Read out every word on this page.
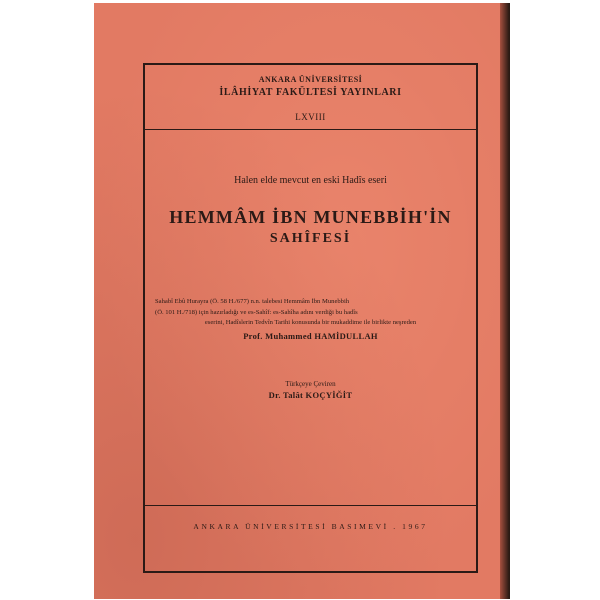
ANKARA ÜNİVERSİTESİ
İLÂHİYAT FAKÜLTESİ YAYINLARI
LXVIII
Halen elde mevcut en eski Hadîs eseri
HEMMÂM İBN MUNEBBİH'İN
SAHÎFESİ
Sahabî Ebû Hurayra (Ö. 58 H./677) n.n. talebesi Hemmâm İbn Munebbih
(Ö. 101 H./718) için hazırladığı ve es-Sahîf: es-Sahîha adını verdiği bu hadîs
eserini, Hadîslerin Tedvîn Tarihi konusunda bir mukaddime ile birlikte neşreden
Prof. Muhammed HAMİDULLAH
Türkçeye Çeviren
Dr. Talât KOÇYİĞİT
ANKARA ÜNİVERSİTESİ BASIMEVİ . 1967
